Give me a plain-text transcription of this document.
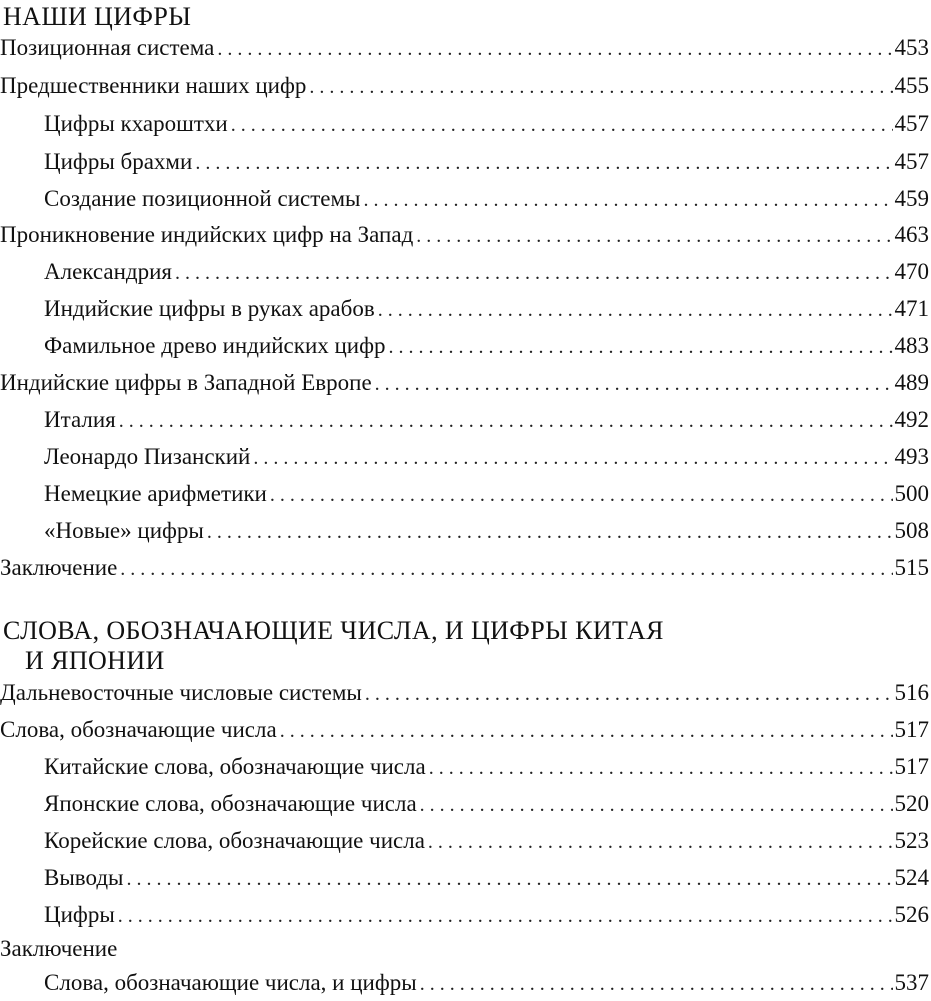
НАШИ ЦИФРЫ
Позиционная система . . .	453
Предшественники наших цифр . . .	455
Цифры кхароштхи . . .	457
Цифры брахми . . .	457
Создание позиционной системы . . .	459
Проникновение индийских цифр на Запад . . .	463
Александрия . . .	470
Индийские цифры в руках арабов . . .	471
Фамильное древо индийских цифр . . .	483
Индийские цифры в Западной Европе . . .	489
Италия . . .	492
Леонардо Пизанский . . .	493
Немецкие арифметики . . .	500
«Новые» цифры . . .	508
Заключение . . .	515
СЛОВА, ОБОЗНАЧАЮЩИЕ ЧИСЛА, И ЦИФРЫ КИТАЯ
И ЯПОНИИ
Дальневосточные числовые системы . . .	516
Слова, обозначающие числа . . .	517
Китайские слова, обозначающие числа . . .	517
Японские слова, обозначающие числа . . .	520
Корейские слова, обозначающие числа . . .	523
Выводы . . .	524
Цифры . . .	526
Заключение
Слова, обозначающие числа, и цифры . . .	537
